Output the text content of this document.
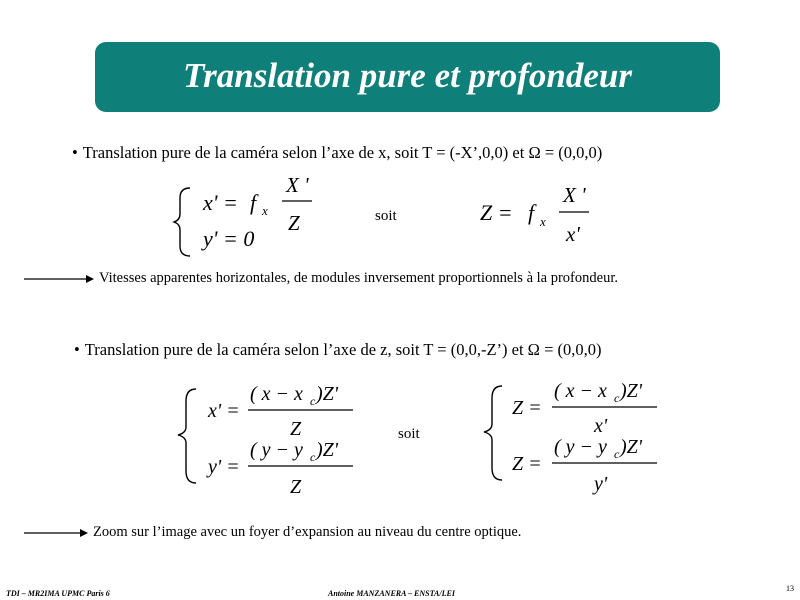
Translation pure et profondeur
• Translation pure de la caméra selon l’axe de x, soit T = (-X’,0,0) et Ω = (0,0,0)
x' = f x
X '
Z
y' = 0
soit	Z = f x
X '
x'
Vitesses apparentes horizontales, de modules inversement proportionnels à la profondeur.
• Translation pure de la caméra selon l’axe de z, soit T = (0,0,-Z’) et Ω = (0,0,0)
x' =
( x − x c )Z'
Z
y' =
( y − y c )Z'
Z
soit
Z =
( x − x c )Z'
x'
Z =
( y − y c )Z'
y'
Zoom sur l’image avec un foyer d’expansion au niveau du centre optique.
TDI – MR2IMA UPMC Paris 6	Antoine MANZANERA – ENSTA/LEI
13
